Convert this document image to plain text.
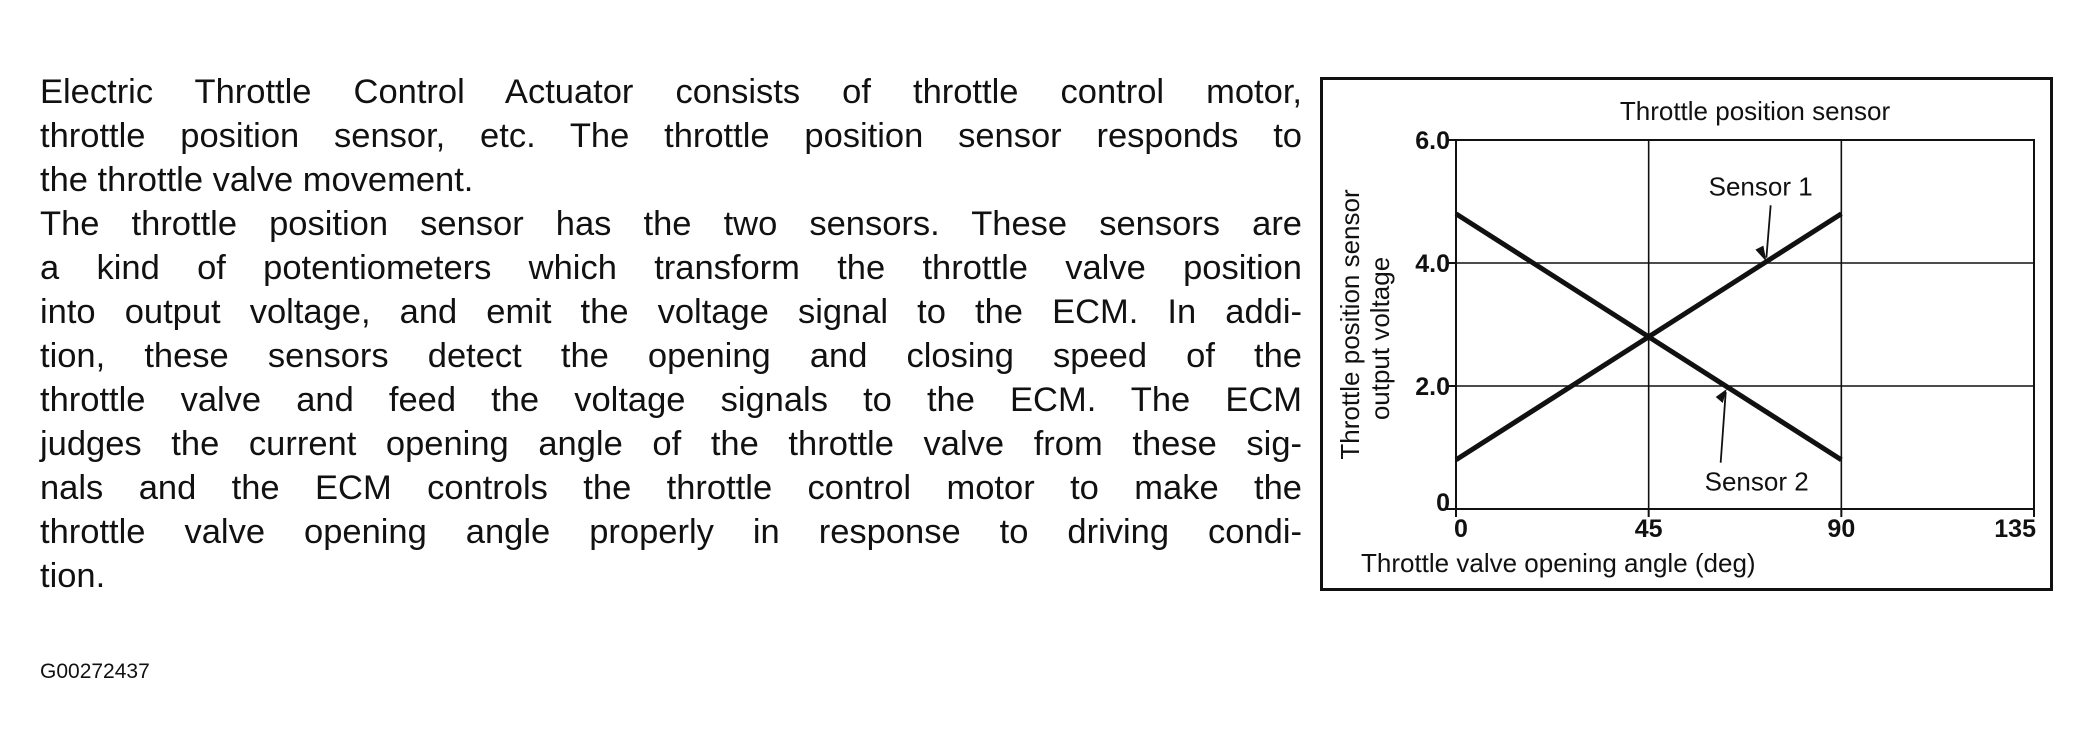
Electric Throttle Control Actuator consists of throttle control motor,
throttle position sensor, etc. The throttle position sensor responds to
the throttle valve movement.

The throttle position sensor has the two sensors. These sensors are
a kind of potentiometers which transform the throttle valve position
into output voltage, and emit the voltage signal to the ECM. In addi-
tion, these sensors detect the opening and closing speed of the
throttle valve and feed the voltage signals to the ECM. The ECM
judges the current opening angle of the throttle valve from these sig-
nals and the ECM controls the throttle control motor to make the
throttle valve opening angle properly in response to driving condi-
tion.

G00272437
0
2.0
4.0
6.0
0	45	90	135
Throttle position sensor
Throttle valve opening angle (deg)
Throttle position sensor output voltage
Sensor 1
Sensor 2
